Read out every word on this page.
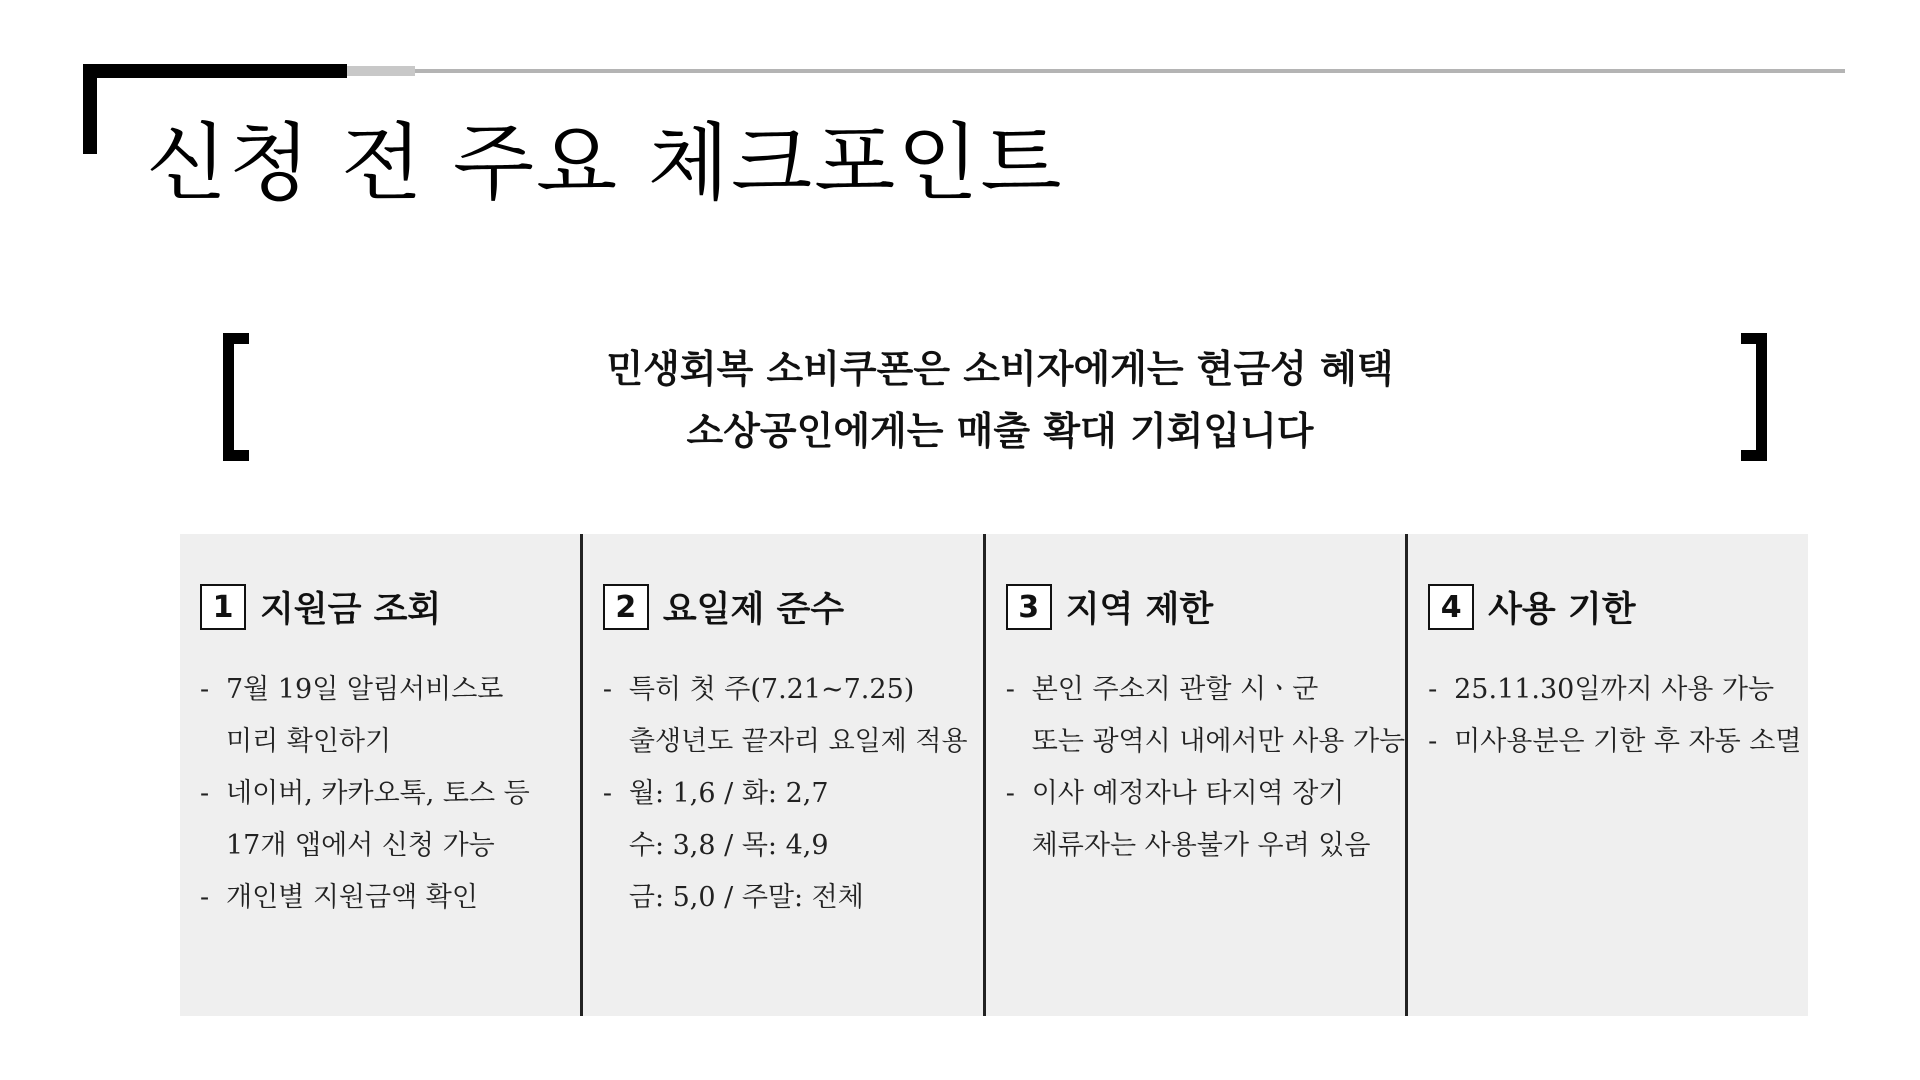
신청 전 주요 체크포인트
민생회복 소비쿠폰은 소비자에게는 현금성 혜택
소상공인에게는 매출 확대 기회입니다
1 지원금 조회
- 7월 19일 알림서비스로
미리 확인하기
- 네이버, 카카오톡, 토스 등
17개 앱에서 신청 가능
- 개인별 지원금액 확인
2 요일제 준수
- 특히 첫 주(7.21~7.25)
출생년도 끝자리 요일제 적용
- 월: 1,6 / 화: 2,7
수: 3,8 / 목: 4,9
금: 5,0 / 주말: 전체
3 지역 제한
- 본인 주소지 관할 시ㆍ군
또는 광역시 내에서만 사용 가능
- 이사 예정자나 타지역 장기
체류자는 사용불가 우려 있음
4 사용 기한
- 25.11.30일까지 사용 가능
- 미사용분은 기한 후 자동 소멸
